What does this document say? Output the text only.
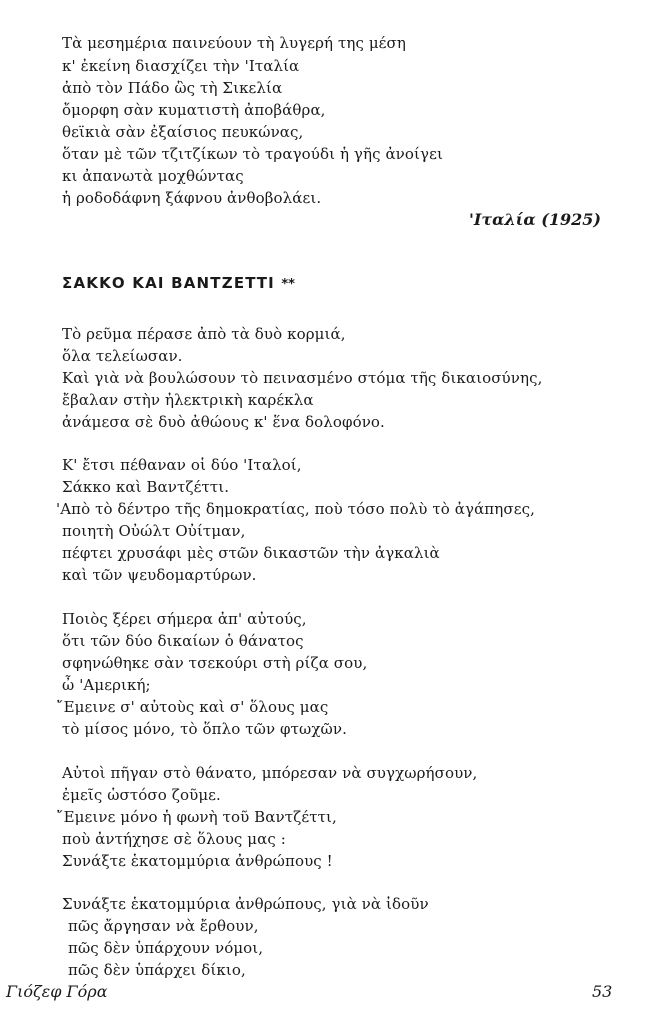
Τὰ μεσημέρια παινεύουν τὴ λυγερή της μέση
κ' ἐκείνη διασχίζει τὴν 'Ιταλία
ἀπὸ τὸν Πάδο ὣς τὴ Σικελία
ὄμορφη σὰν κυματιστὴ ἀποβάθρα,
θεϊκιὰ σὰν ἐξαίσιος πευκώνας,
ὅταν μὲ τῶν τζιτζίκων τὸ τραγούδι ἡ γῆς ἀνοίγει
κι ἀπανωτὰ μοχθώντας
ἡ ροδοδάφνη ξάφνου ἀνθοβολάει.
'Ιταλία (1925)
ΣΑΚΚΟ ΚΑΙ ΒΑΝΤΖΕΤΤΙ **
Τὸ ρεῦμα πέρασε ἀπὸ τὰ δυὸ κορμιά,
ὅλα τελείωσαν.
Καὶ γιὰ νὰ βουλώσουν τὸ πεινασμένο στόμα τῆς δικαιοσύνης,
ἔβαλαν στὴν ἠλεκτρικὴ καρέκλα
ἀνάμεσα σὲ δυὸ ἀθώους κ' ἕνα δολοφόνο.
Κ' ἔτσι πέθαναν οἱ δύο 'Ιταλοί,
Σάκκο καὶ Βαντζέττι.
'Απὸ τὸ δέντρο τῆς δημοκρατίας, ποὺ τόσο πολὺ τὸ ἀγάπησες,
ποιητὴ Οὐώλτ Οὐίτμαν,
πέφτει χρυσάφι μὲς στῶν δικαστῶν τὴν ἀγκαλιὰ
καὶ τῶν ψευδομαρτύρων.
Ποιὸς ξέρει σήμερα ἀπ' αὐτούς,
ὅτι τῶν δύο δικαίων ὁ θάνατος
σφηνώθηκε σὰν τσεκούρι στὴ ρίζα σου,
ὦ 'Αμερική;
῎Εμεινε σ' αὐτοὺς καὶ σ' ὅλους μας
τὸ μίσος μόνο, τὸ ὅπλο τῶν φτωχῶν.
Αὐτοὶ πῆγαν στὸ θάνατο, μπόρεσαν νὰ συγχωρήσουν,
ἐμεῖς ὡστόσο ζοῦμε.
῎Εμεινε μόνο ἡ φωνὴ τοῦ Βαντζέττι,
ποὺ ἀντήχησε σὲ ὅλους μας :
Συνάξτε ἑκατομμύρια ἀνθρώπους !
Συνάξτε ἑκατομμύρια ἀνθρώπους, γιὰ νὰ ἰδοῦν
πῶς ἄργησαν νὰ ἔρθουν,
πῶς δὲν ὑπάρχουν νόμοι,
πῶς δὲν ὑπάρχει δίκιο,
Γιόζεφ Γόρα	53
